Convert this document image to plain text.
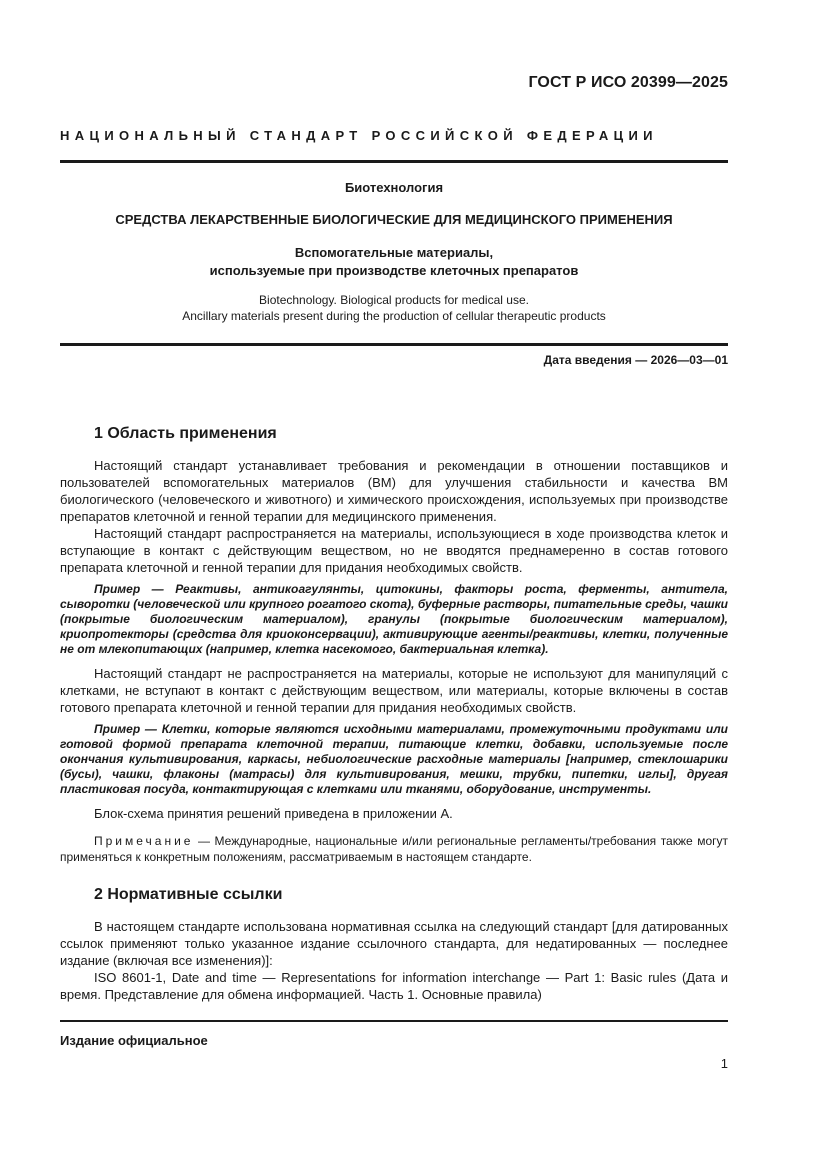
ГОСТ Р ИСО 20399—2025
НАЦИОНАЛЬНЫЙ СТАНДАРТ РОССИЙСКОЙ ФЕДЕРАЦИИ
Биотехнология
СРЕДСТВА ЛЕКАРСТВЕННЫЕ БИОЛОГИЧЕСКИЕ ДЛЯ МЕДИЦИНСКОГО ПРИМЕНЕНИЯ
Вспомогательные материалы,
используемые при производстве клеточных препаратов
Biotechnology. Biological products for medical use.
Ancillary materials present during the production of cellular therapeutic products
Дата введения — 2026—03—01
1 Область применения

Настоящий стандарт устанавливает требования и рекомендации в отношении поставщиков и пользователей вспомогательных материалов (ВМ) для улучшения стабильности и качества ВМ биологического (человеческого и животного) и химического происхождения, используемых при производстве препаратов клеточной и генной терапии для медицинского применения.

Настоящий стандарт распространяется на материалы, использующиеся в ходе производства клеток и вступающие в контакт с действующим веществом, но не вводятся преднамеренно в состав готового препарата клеточной и генной терапии для придания необходимых свойств.

Пример — Реактивы, антикоагулянты, цитокины, факторы роста, ферменты, антитела, сыворотки (человеческой или крупного рогатого скота), буферные растворы, питательные среды, чашки (покрытые биологическим материалом), гранулы (покрытые биологическим материалом), криопротекторы (средства для криоконсервации), активирующие агенты/реактивы, клетки, полученные не от млекопитающих (например, клетка насекомого, бактериальная клетка).

Настоящий стандарт не распространяется на материалы, которые не используют для манипуляций с клетками, не вступают в контакт с действующим веществом, или материалы, которые включены в состав готового препарата клеточной и генной терапии для придания необходимых свойств.

Пример — Клетки, которые являются исходными материалами, промежуточными продуктами или готовой формой препарата клеточной терапии, питающие клетки, добавки, используемые после окончания культивирования, каркасы, небиологические расходные материалы [например, стеклошарики (бусы), чашки, флаконы (матрасы) для культивирования, мешки, трубки, пипетки, иглы], другая пластиковая посуда, контактирующая с клетками или тканями, оборудование, инструменты.

Блок-схема принятия решений приведена в приложении А.

Примечание — Международные, национальные и/или региональные регламенты/требования также могут применяться к конкретным положениям, рассматриваемым в настоящем стандарте.

2 Нормативные ссылки

В настоящем стандарте использована нормативная ссылка на следующий стандарт [для датированных ссылок применяют только указанное издание ссылочного стандарта, для недатированных — последнее издание (включая все изменения)]:

ISO 8601-1, Date and time — Representations for information interchange — Part 1: Basic rules (Дата и время. Представление для обмена информацией. Часть 1. Основные правила)

Издание официальное
1
